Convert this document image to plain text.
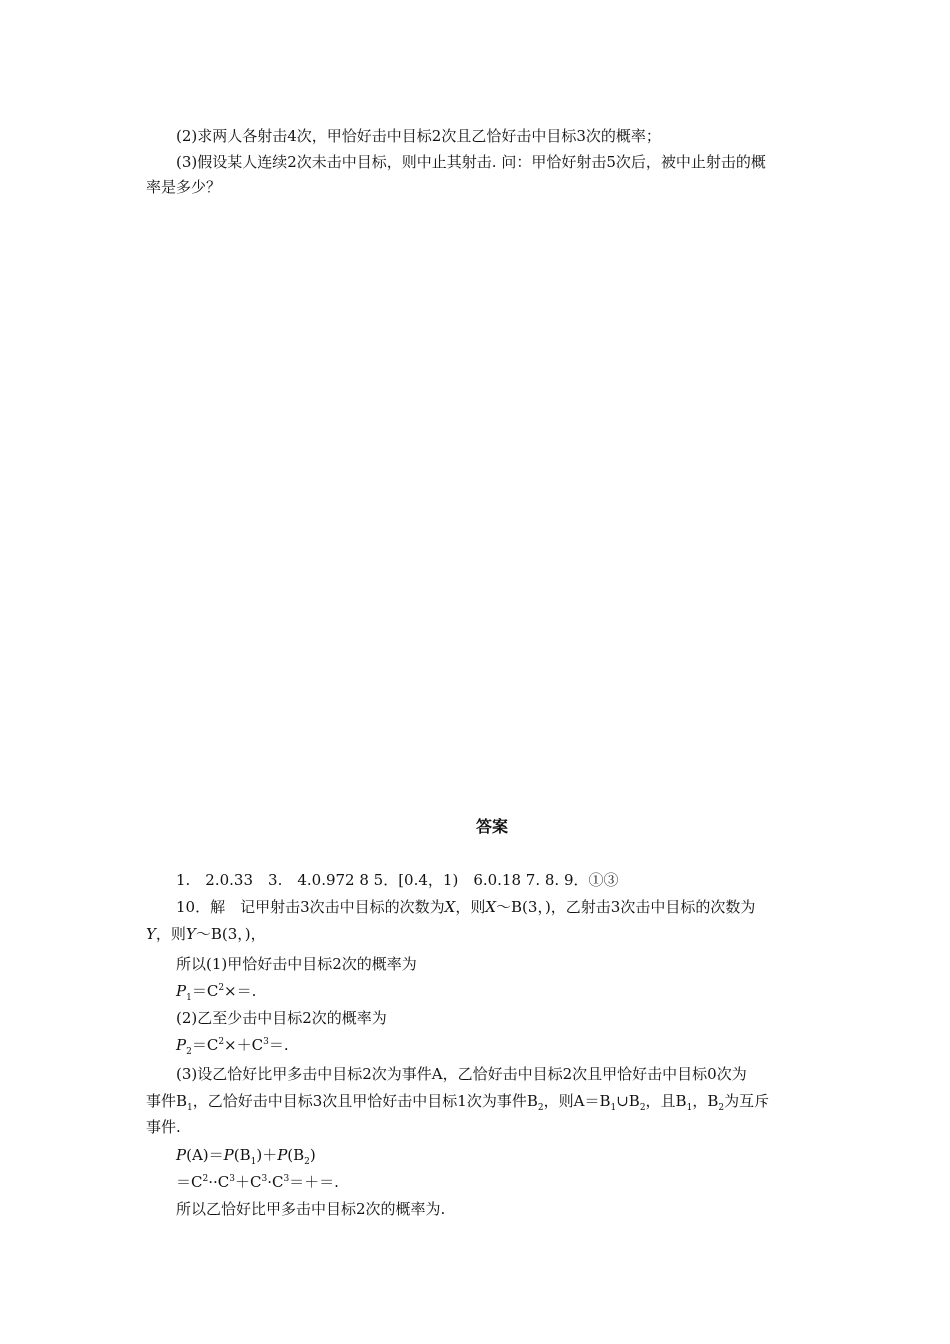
(2)求两人各射击4次，甲恰好击中目标2次且乙恰好击中目标3次的概率；
(3)假设某人连续2次未击中目标，则中止其射击. 问：甲恰好射击5次后，被中止射击的概
率是多少？
答案
1.　2.0.33　3.　4.0.972 8 5．[0.4，1)　6.0.18 7. 8. 9．①③
10．解　记甲射击3次击中目标的次数为X，则X～B(3，)，乙射击3次击中目标的次数为
Y，则Y～B(3，)，
所以(1)甲恰好击中目标2次的概率为
$P_1=C^2\times=$.
(2)乙至少击中目标2次的概率为
$P_2=C^2\times+C^3=$.
(3)设乙恰好比甲多击中目标2次为事件A，乙恰好击中目标2次且甲恰好击中目标0次为
事件$B_1$，乙恰好击中目标3次且甲恰好击中目标1次为事件$B_2$，则$A=B_1\cup B_2$，且$B_1$，$B_2$为互斥
事件.
$P(A)=P(B_1)+P(B_2)$
$=C^2\cdot\cdot C^3+C^3\cdot C^3=+=$.
所以乙恰好比甲多击中目标2次的概率为.
